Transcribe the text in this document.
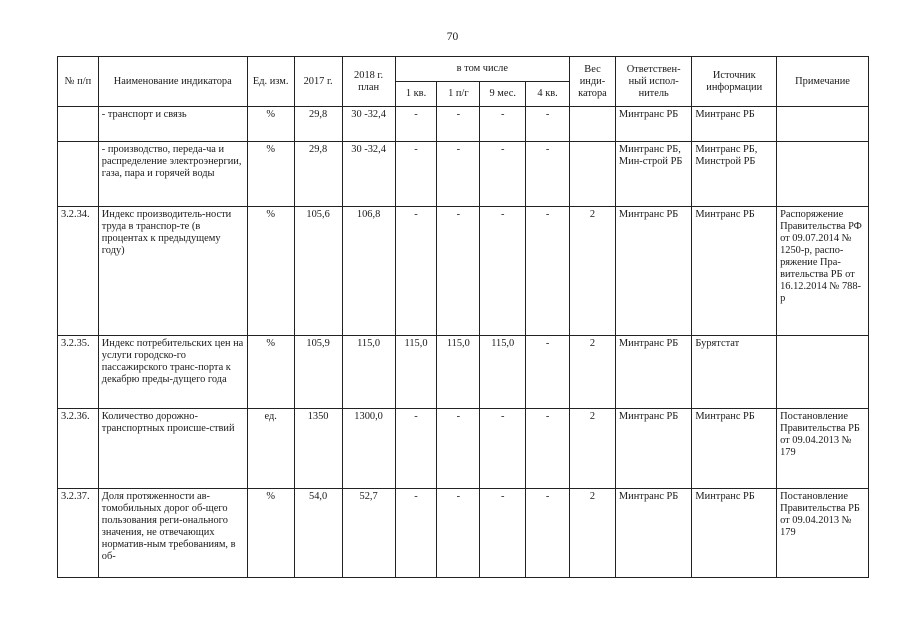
70
№ п/п	Наименование индикатора	Ед. изм.	2017 г.	2018 г. план	в том числе				Вес инди-катора	Ответствен-ный испол-нитель	Источник информации	Примечание
					1 кв.	1 п/г	9 мес.	4 кв.				
	- транспорт и связь	%	29,8	30 -32,4	-	-	-	-		Минтранс РБ	Минтранс РБ	
	- производство, переда-ча и распределение электроэнергии, газа, пара и горячей воды	%	29,8	30 -32,4	-	-	-	-		Минтранс РБ, Мин-строй РБ	Минтранс РБ, Минстрой РБ	
3.2.34.	Индекс производитель-ности труда в транспор-те (в процентах к предыдущему году)	%	105,6	106,8	-	-	-	-	2	Минтранс РБ	Минтранс РБ	Распоряжение Правительства РФ от 09.07.2014 № 1250-р, распо-ряжение Пра-вительства РБ от 16.12.2014 № 788-р
3.2.35.	Индекс потребительских цен на услуги городско-го пассажирского транс-порта к декабрю преды-дущего года	%	105,9	115,0	115,0	115,0	115,0	-	2	Минтранс РБ	Бурятстат	
3.2.36.	Количество дорожно-транспортных происше-ствий	ед.	1350	1300,0	-	-	-	-	2	Минтранс РБ	Минтранс РБ	Постановление Правительства РБ от 09.04.2013 № 179
3.2.37.	Доля протяженности ав-томобильных дорог об-щего пользования реги-онального значения, не отвечающих норматив-ным требованиям, в об-	%	54,0	52,7	-	-	-	-	2	Минтранс РБ	Минтранс РБ	Постановление Правительства РБ от 09.04.2013 № 179
